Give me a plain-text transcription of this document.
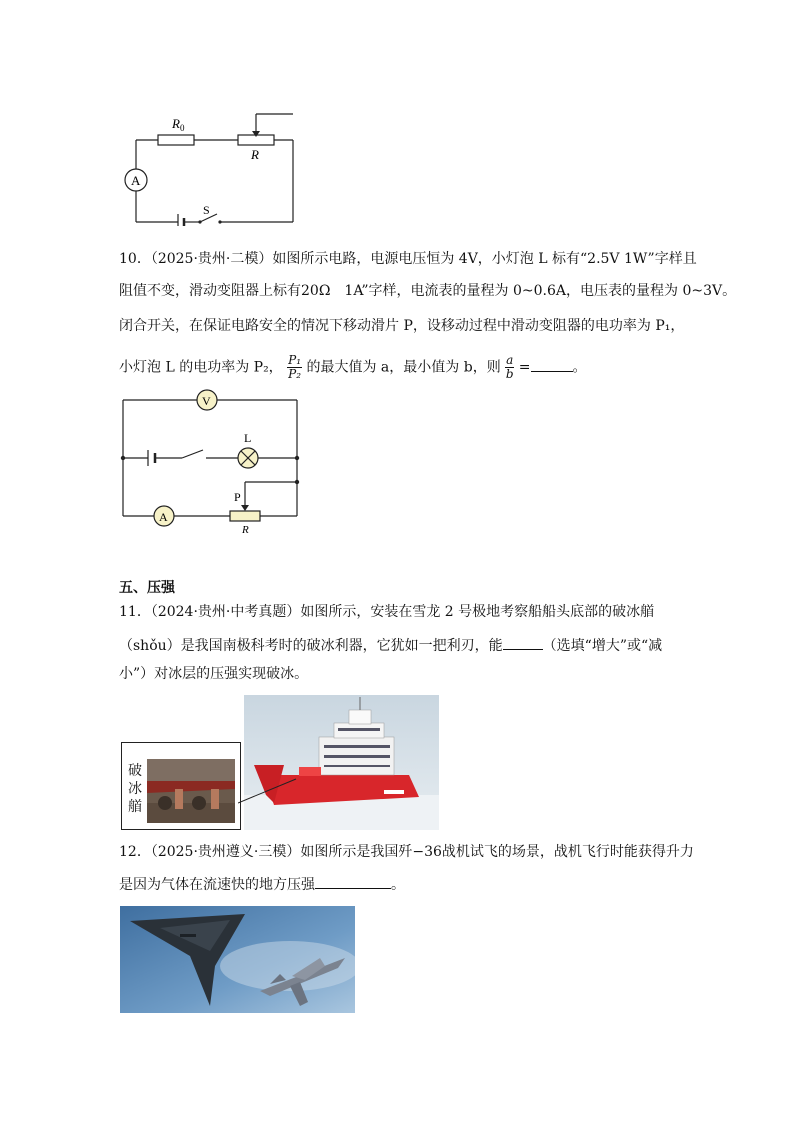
$R_0$
R
A
S
10．（2025·贵州·二模）如图所示电路，电源电压恒为 4V，小灯泡 L 标有“2.5V 1W”字样且
阻值不变，滑动变阻器上标有20Ω　1A”字样，电流表的量程为 0~0.6A，电压表的量程为 0~3V。
闭合开关，在保证电路安全的情况下移动滑片 P，设移动过程中滑动变阻器的电功率为 P₁，
小灯泡 L 的电功率为 P₂， $\frac{\text{P₁}}{\text{P₂}}$ 的最大值为 a，最小值为 b，则 $\frac{a}{b}$ =	。
V
L
A
P
R
五、压强
11．（2024·贵州·中考真题）如图所示，安装在雪龙 2 号极地考察船船头底部的破冰艏
（shǒu）是我国南极科考时的破冰利器，它犹如一把利刃，能	（选填“增大”或“减
小”）对冰层的压强实现破冰。
破
冰
艏
12．（2025·贵州遵义·三模）如图所示是我国歼−36战机试飞的场景，战机飞行时能获得升力
是因为气体在流速快的地方压强	。
